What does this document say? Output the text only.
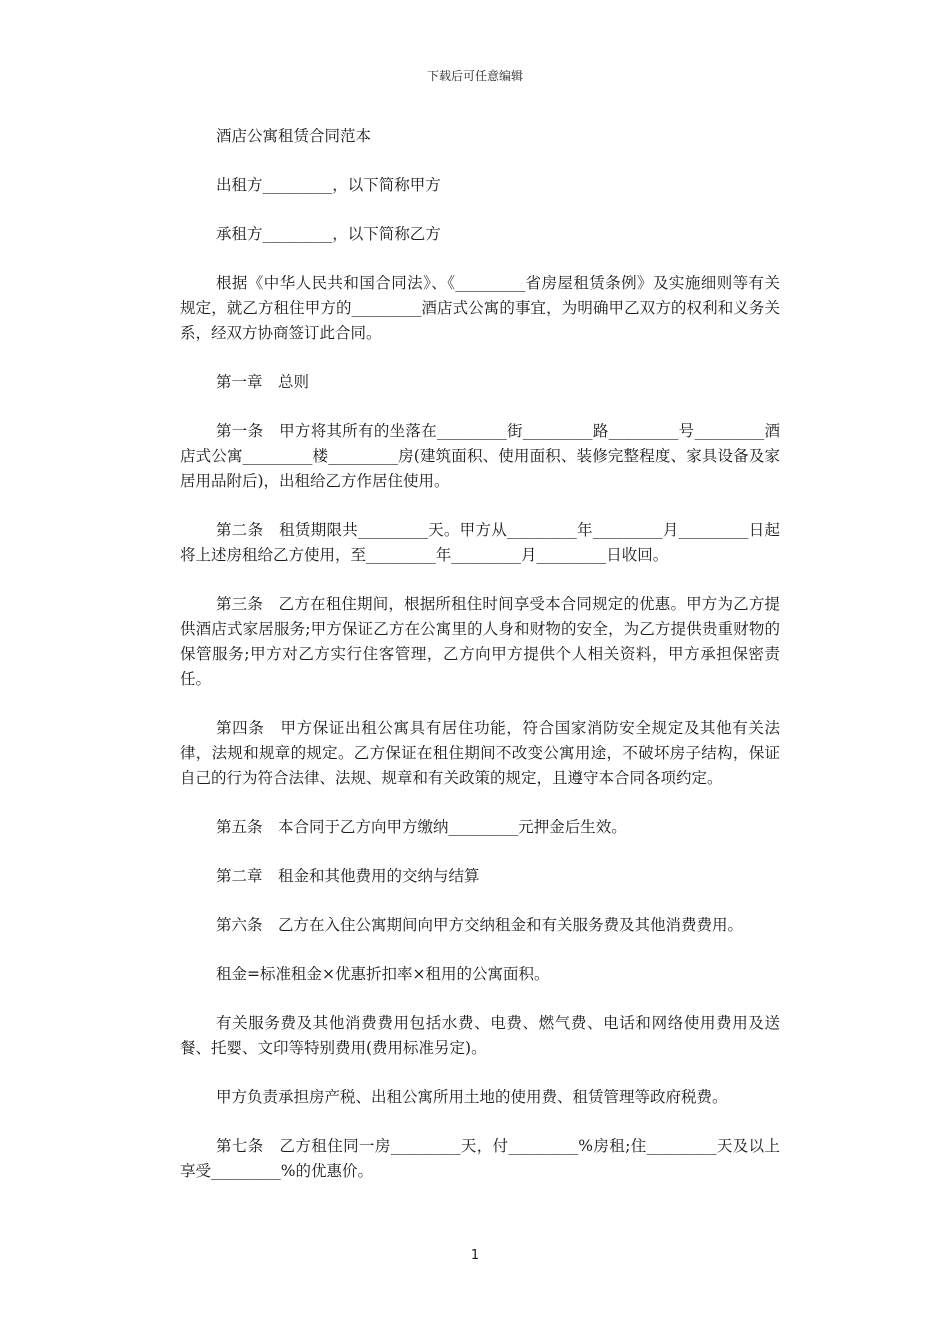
下载后可任意编辑

酒店公寓租赁合同范本

出租方_________，以下简称甲方

承租方_________，以下简称乙方

根据《中华人民共和国合同法》、《_________省房屋租赁条例》及实施细则等有关规定，就乙方租住甲方的_________酒店式公寓的事宜，为明确甲乙双方的权利和义务关系，经双方协商签订此合同。

第一章　总则

第一条　甲方将其所有的坐落在_________街_________路_________号_________酒店式公寓_________楼_________房(建筑面积、使用面积、装修完整程度、家具设备及家居用品附后)，出租给乙方作居住使用。

第二条　租赁期限共_________天。甲方从_________年_________月_________日起将上述房租给乙方使用，至_________年_________月_________日收回。

第三条　乙方在租住期间，根据所租住时间享受本合同规定的优惠。甲方为乙方提供酒店式家居服务;甲方保证乙方在公寓里的人身和财物的安全，为乙方提供贵重财物的保管服务;甲方对乙方实行住客管理，乙方向甲方提供个人相关资料，甲方承担保密责任。

第四条　甲方保证出租公寓具有居住功能，符合国家消防安全规定及其他有关法律，法规和规章的规定。乙方保证在租住期间不改变公寓用途，不破坏房子结构，保证自己的行为符合法律、法规、规章和有关政策的规定，且遵守本合同各项约定。

第五条　本合同于乙方向甲方缴纳_________元押金后生效。

第二章　租金和其他费用的交纳与结算

第六条　乙方在入住公寓期间向甲方交纳租金和有关服务费及其他消费费用。

租金=标准租金×优惠折扣率×租用的公寓面积。

有关服务费及其他消费费用包括水费、电费、燃气费、电话和网络使用费用及送餐、托婴、文印等特别费用(费用标准另定)。

甲方负责承担房产税、出租公寓所用土地的使用费、租赁管理等政府税费。

第七条　乙方租住同一房_________天，付_________%房租;住_________天及以上享受_________%的优惠价。

1
